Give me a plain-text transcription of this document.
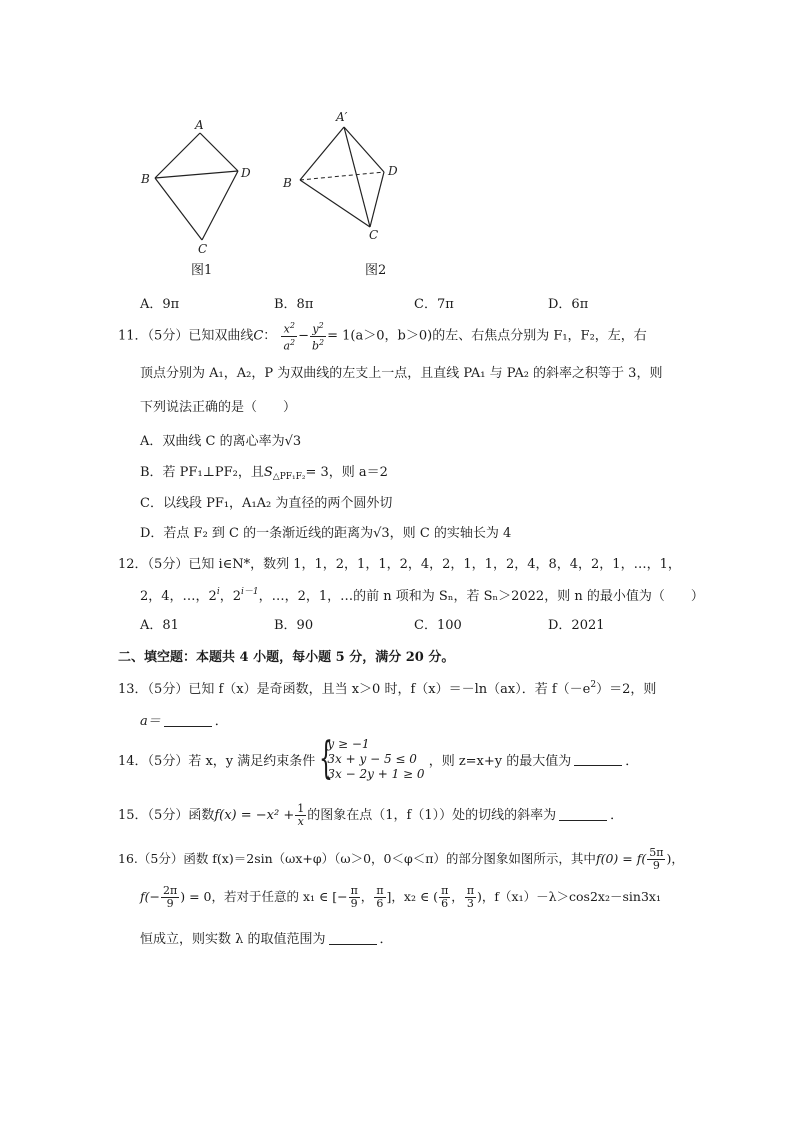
A
B	D
C
图1
A′
B
D
C
图2
A．9π	B．8π	C．7π	D．6π
11．（5分）已知双曲线C： $\frac{x^2}{a^2} - \frac{y^2}{b^2} = 1(a>0$，b＞0)的左、右焦点分别为 F₁，F₂，左，右
顶点分别为 A₁，A₂，P 为双曲线的左支上一点，且直线 PA₁ 与 PA₂ 的斜率之积等于 3，则
下列说法正确的是（　　）
A．双曲线 C 的离心率为√3
B．若 PF₁⊥PF₂，且$S_{\triangle PF_1F_2}= 3$，则 a＝2
C．以线段 PF₁，A₁A₂ 为直径的两个圆外切
D．若点 F₂ 到 C 的一条渐近线的距离为√3，则 C 的实轴长为 4
12．（5分）已知 i∈N*，数列 1，1，2，1，1，2，4，2，1，1，2，4，8，4，2，1，…，1，
2，4，…，2$^i$，$2^{i-1}$，…，2，1，…的前 n 项和为 Sₙ，若 Sₙ＞2022，则 n 的最小值为（　　）
A．81	B．90	C．100	D．2021
二、填空题：本题共 4 小题，每小题 5 分，满分 20 分。
13．（5分）已知 f（x）是奇函数，且当 x＞0 时，f（x）＝－ln（ax）．若 $f(-e^2)=2$，则
a＝	．
14．（5分）若 x，y 满足约束条件 {
y ≥ −1
3x + y − 5 ≤ 0
3x − 2y + 1 ≥ 0
，则 z=x+y 的最大值为	．
15．（5分）函数$f(x) = -x^2 + \frac{1}{x}$ 的图象在点（1，f（1））处的切线的斜率为	．
16.（5分）函数 f(x)＝2sin（ωx+φ）（ω＞0，0＜φ＜π）的部分图象如图所示，其中$f(0) = f( \frac{5\pi}{9}$ )，
$f(- \frac{2\pi}{9}$ ) = 0，若对于任意的 x₁ ∈ [− $\frac{\pi}{9}$ ， $\frac{\pi}{6}$ ]，x₂ ∈ ( $\frac{\pi}{6}$ ， $\frac{\pi}{3}$ )，f（x₁）－λ＞cos2x₂－sin3x₁
恒成立，则实数 λ 的取值范围为	．
